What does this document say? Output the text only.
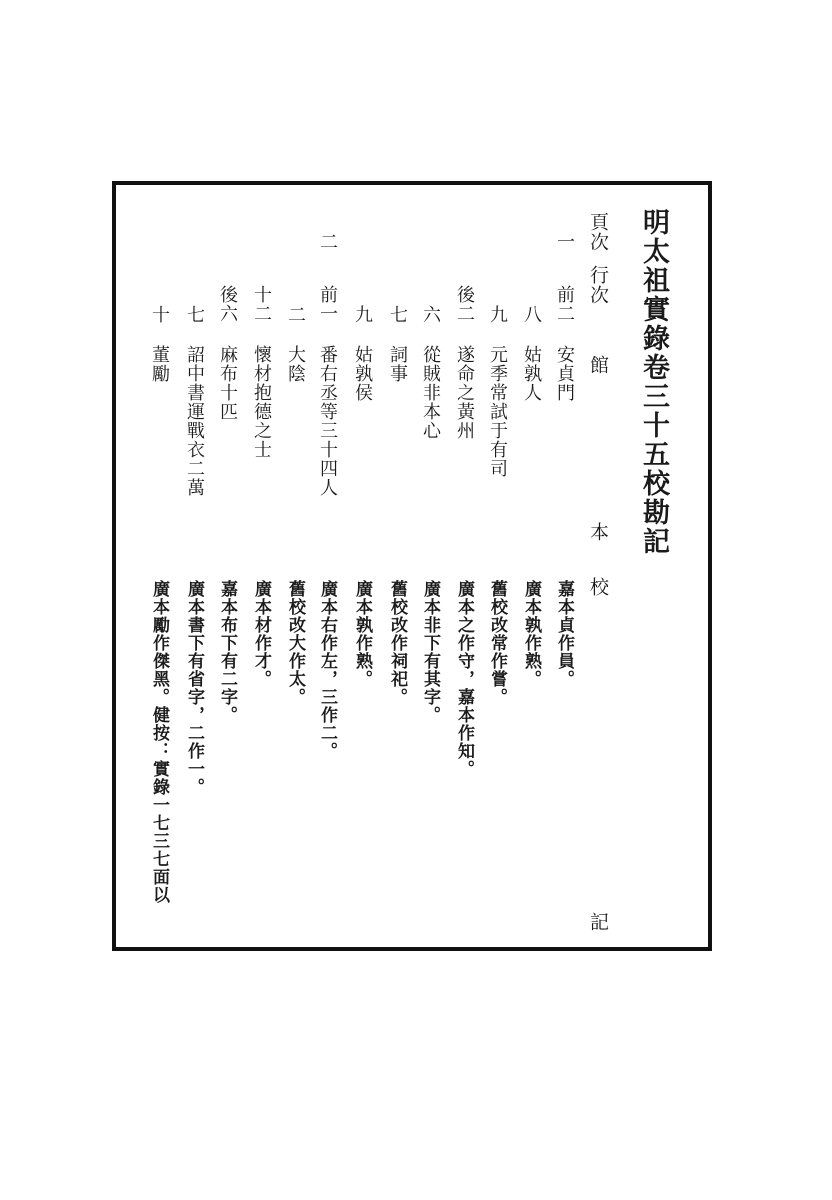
明太祖實錄卷三十五校勘記
頁次
行次
館
本
校
記
一
前二
安貞門
嘉本貞作員。
八
姑孰人
廣本孰作熟。
九
元季常試于有司
舊校改常作嘗。
後二
遂命之黃州
廣本之作守，嘉本作知。
六
從賊非本心
廣本非下有其字。
七
詞事
舊校改作祠祀。
九
姑孰侯
廣本孰作熟。
二
前一
番右丞等三十四人
廣本右作左，三作二。
二
大陰
舊校改大作太。
十二
懷材抱德之士
廣本材作才。
後六
麻布十匹
嘉本布下有二字。
七
詔中書運戰衣二萬
廣本書下有省字，二作一。
十
董勵
廣本勵作傑黑。健按：實錄一七三七面以
